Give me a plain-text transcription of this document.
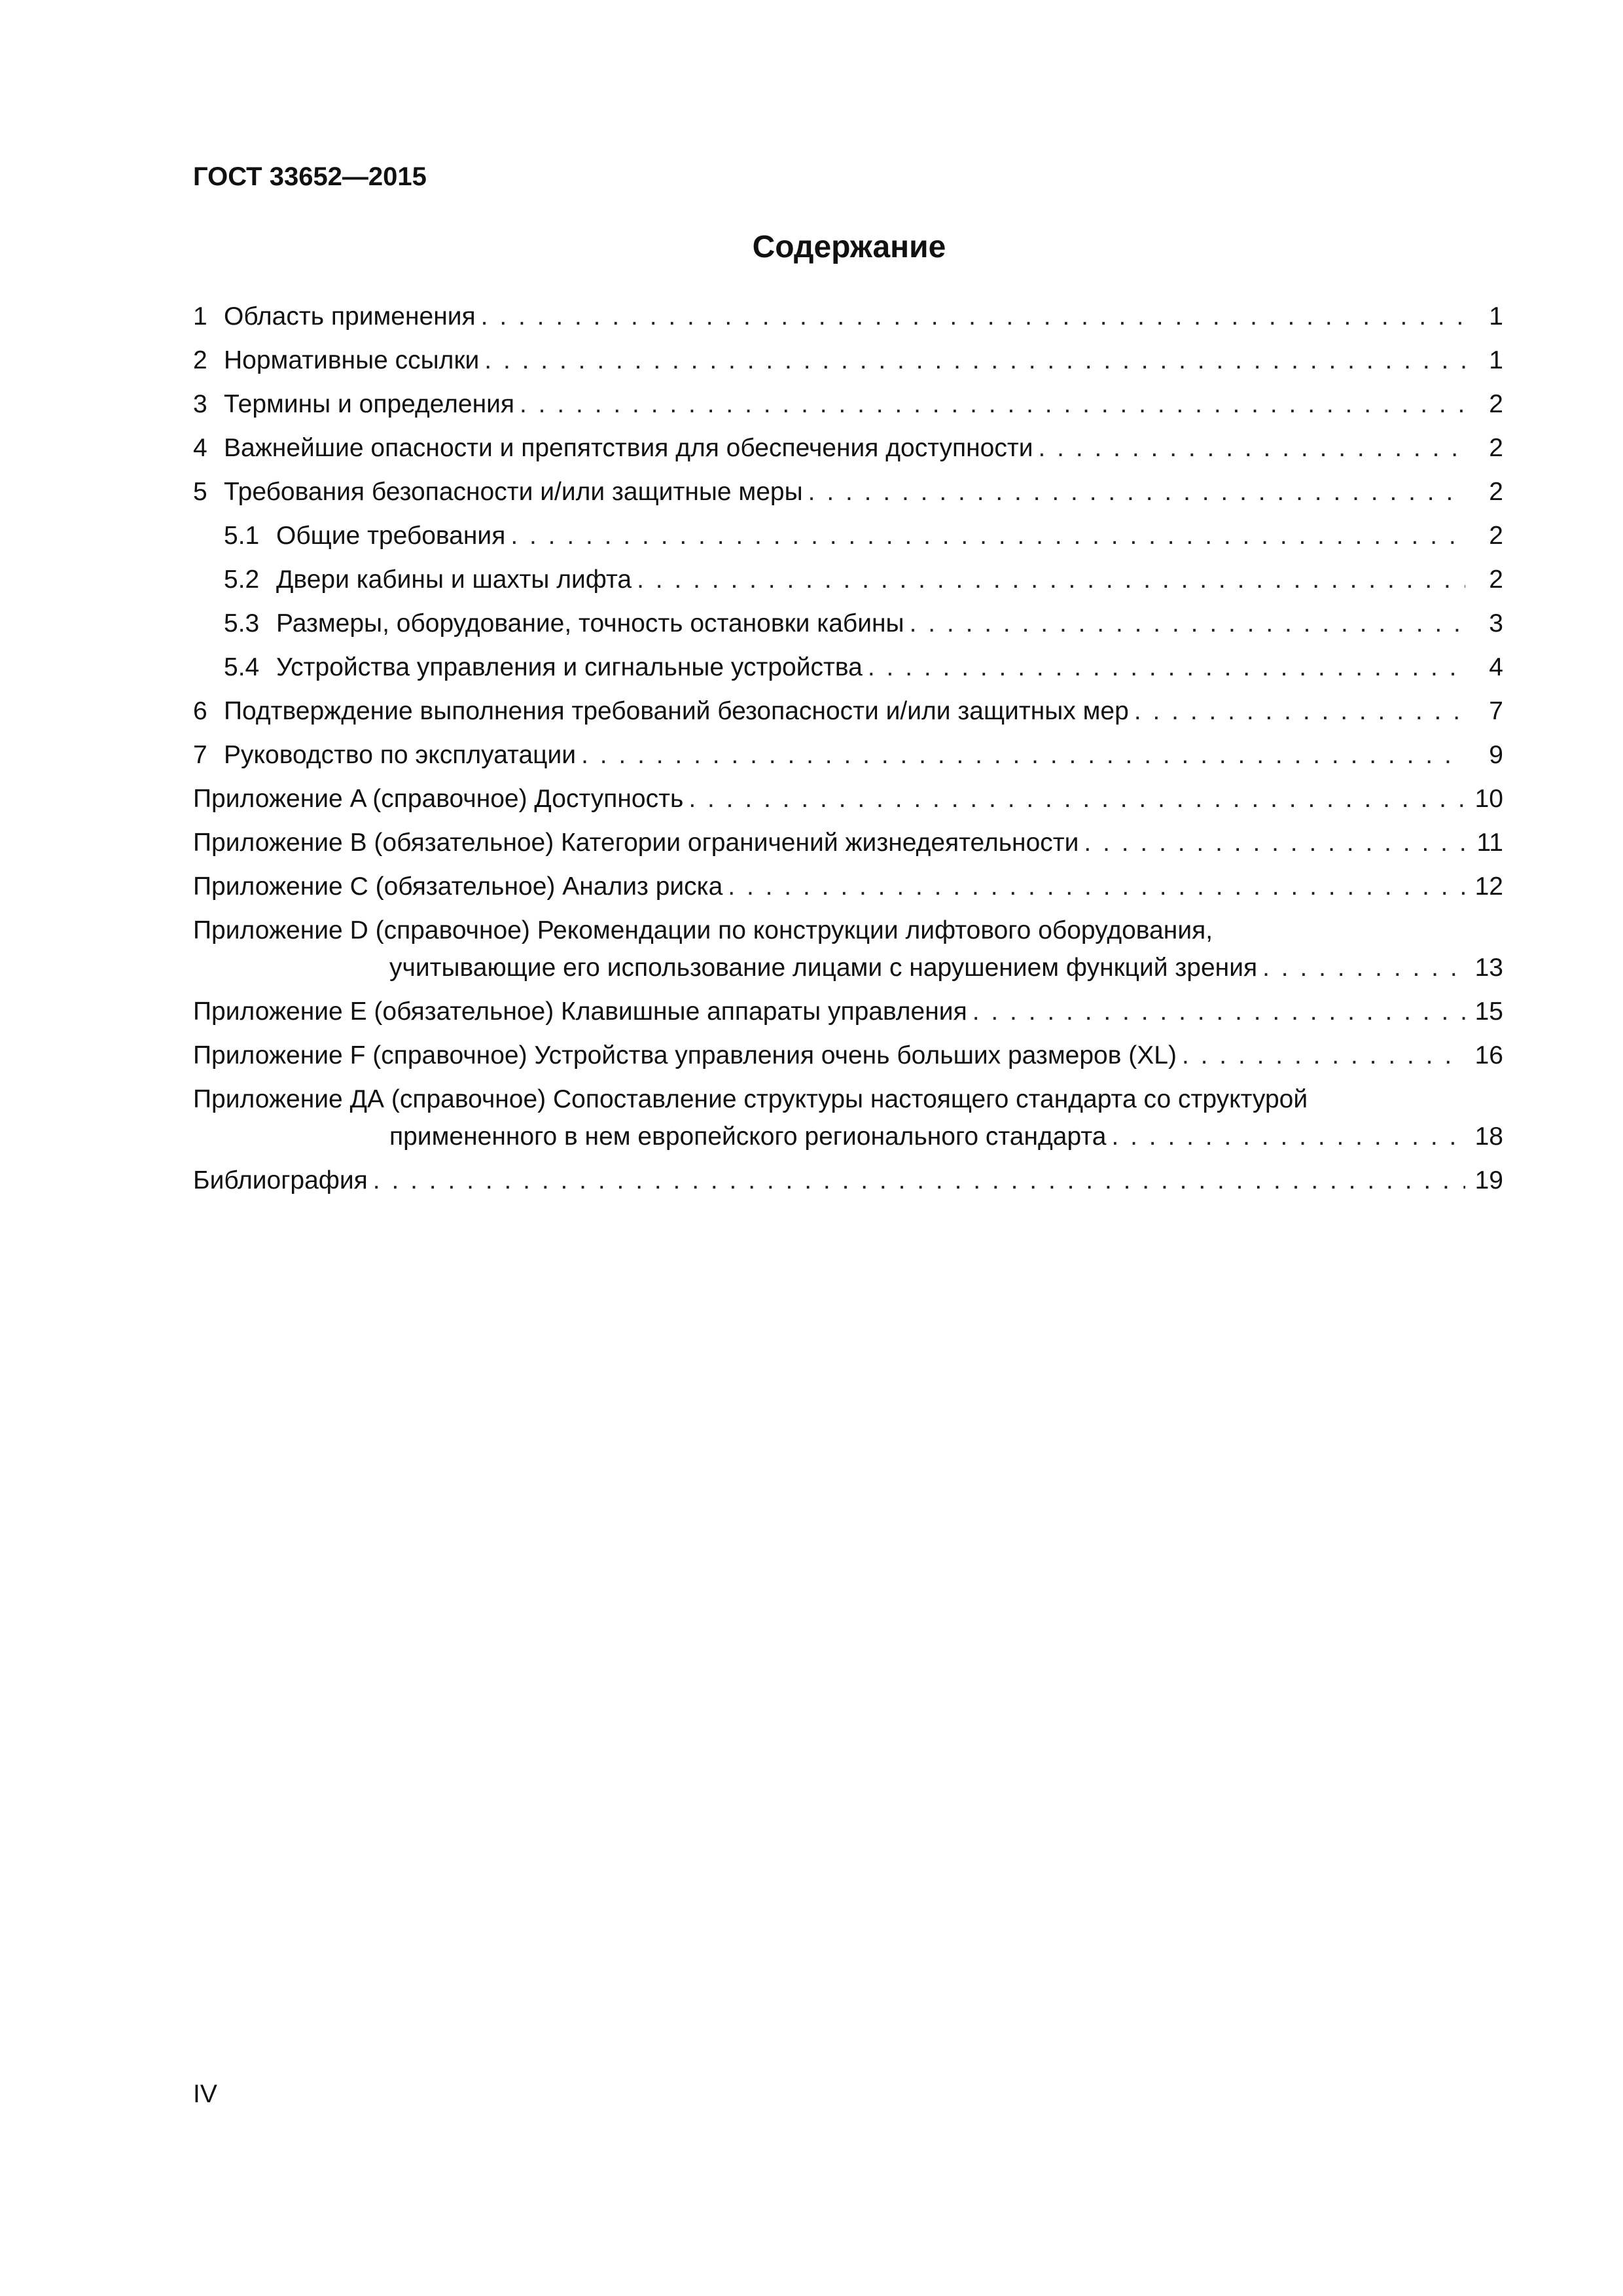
ГОСТ 33652—2015
Содержание
1 Область применения . . .	1
2 Нормативные ссылки . . .	1
3 Термины и определения . . .	2
4 Важнейшие опасности и препятствия для обеспечения доступности . . .	2
5 Требования безопасности и/или защитные меры . . .	2
5.1 Общие требования . . .	2
5.2 Двери кабины и шахты лифта . . .	2
5.3 Размеры, оборудование, точность остановки кабины . . .	3
5.4 Устройства управления и сигнальные устройства . . .	4
6 Подтверждение выполнения требований безопасности и/или защитных мер . . .	7
7 Руководство по эксплуатации . . .	9
Приложение A (справочное) Доступность . . .	10
Приложение B (обязательное) Категории ограничений жизнедеятельности . . .	11
Приложение C (обязательное) Анализ риска . . .	12
Приложение D (справочное) Рекомендации по конструкции лифтового оборудования,
учитывающие его использование лицами с нарушением функций зрения . . .	13
Приложение E (обязательное) Клавишные аппараты управления . . .	15
Приложение F (справочное) Устройства управления очень больших размеров (XL) . . .	16
Приложение ДА (справочное) Сопоставление структуры настоящего стандарта со структурой
примененного в нем европейского регионального стандарта . . .	18
Библиография . . .	19
IV
